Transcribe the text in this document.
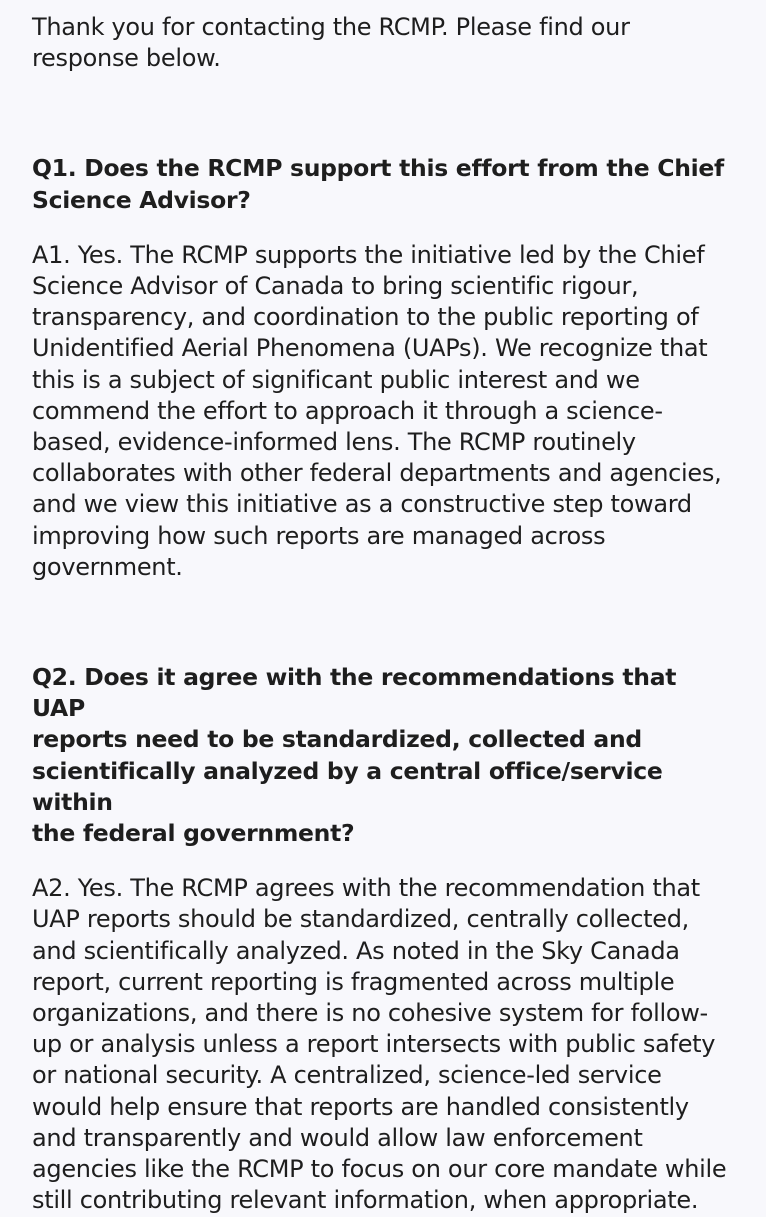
Thank you for contacting the RCMP. Please find our
response below.

Q1. Does the RCMP support this effort from the Chief
Science Advisor?

A1. Yes. The RCMP supports the initiative led by the Chief
Science Advisor of Canada to bring scientific rigour,
transparency, and coordination to the public reporting of
Unidentified Aerial Phenomena (UAPs). We recognize that
this is a subject of significant public interest and we
commend the effort to approach it through a science-
based, evidence-informed lens. The RCMP routinely
collaborates with other federal departments and agencies,
and we view this initiative as a constructive step toward
improving how such reports are managed across
government.

Q2. Does it agree with the recommendations that UAP
reports need to be standardized, collected and
scientifically analyzed by a central office/service within
the federal government?

A2. Yes. The RCMP agrees with the recommendation that
UAP reports should be standardized, centrally collected,
and scientifically analyzed. As noted in the Sky Canada
report, current reporting is fragmented across multiple
organizations, and there is no cohesive system for follow-
up or analysis unless a report intersects with public safety
or national security. A centralized, science-led service
would help ensure that reports are handled consistently
and transparently and would allow law enforcement
agencies like the RCMP to focus on our core mandate while
still contributing relevant information, when appropriate.
